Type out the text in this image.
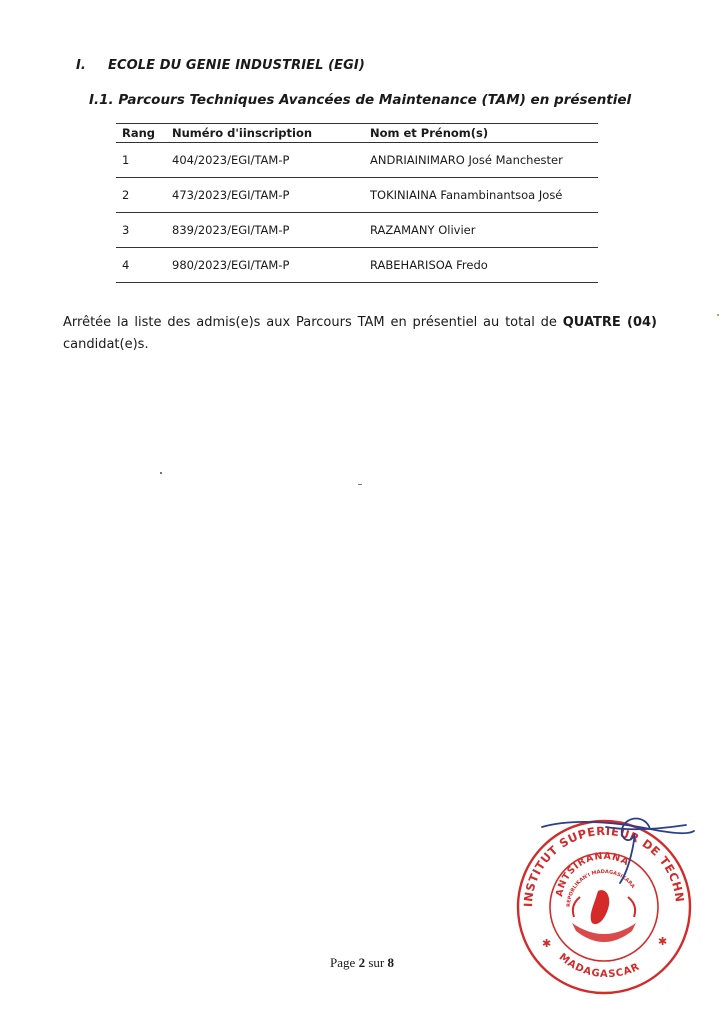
I. ECOLE DU GENIE INDUSTRIEL (EGI)
I.1. Parcours Techniques Avancées de Maintenance (TAM) en présentiel
Rang	Numéro d'iinscription	Nom et Prénom(s)
1	404/2023/EGI/TAM-P	ANDRIAINIMARO José Manchester
2	473/2023/EGI/TAM-P	TOKINIAINA Fanambinantsoa José
3	839/2023/EGI/TAM-P	RAZAMANY Olivier
4	980/2023/EGI/TAM-P	RABEHARISOA Fredo

Arrêtée la liste des admis(e)s aux Parcours TAM en présentiel au total de QUATRE (04) candidat(e)s.

INSTITUT SUPERIEUR DE TECHN
ANTSIRANANA
REPOBLIKAN'I MADAGASIKARA
MADAGASCAR
✱	✱
Page 2 sur 8
